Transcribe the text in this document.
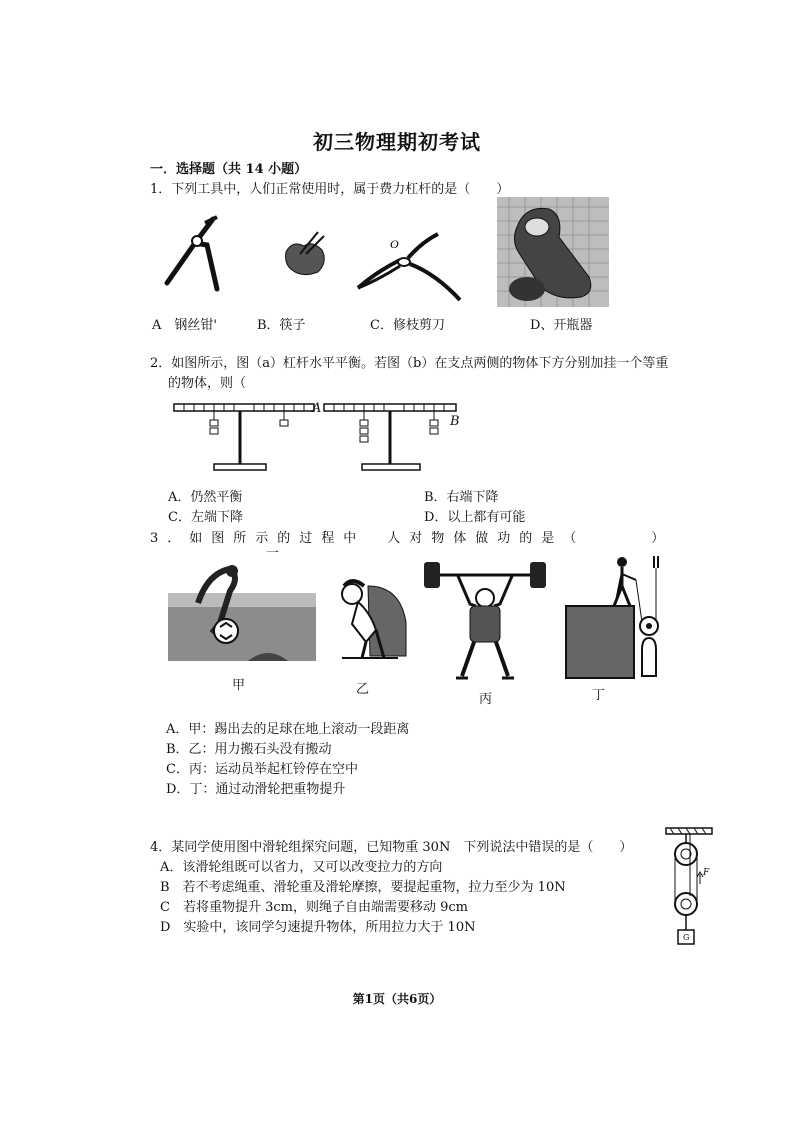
初三物理期初考试
一．选择题（共 14 小题）
1．下列工具中，人们正常使用时，属于费力杠杆的是（　　）
O
A　钢丝钳'	B．筷子	C．修枝剪刀	D、开瓶器
2．如图所示，图（a）杠杆水平平衡。若图（b）在支点两侧的物体下方分别加挂一个等重
的物体，则（
A
B
A．仍然平衡	B．右端下降
C．左端下降	D．以上都有可能
3．如图所示的过程中　人对物体做功的是（　　　）
一
甲	乙
丙	丁
A．甲：踢出去的足球在地上滚动一段距离
B．乙：用力搬石头没有搬动
C．丙：运动员举起杠铃停在空中
D．丁：通过动滑轮把重物提升
4．某同学使用图中滑轮组探究问题，已知物重 30N　下列说法中错误的是（　　）
A．该滑轮组既可以省力，又可以改变拉力的方向
B　若不考虑绳重、滑轮重及滑轮摩擦，要提起重物，拉力至少为 10N
C　若将重物提升 3cm，则绳子自由端需要移动 9cm
D　实验中，该同学匀速提升物体，所用拉力大于 10N
F
G
第1页（共6页）
